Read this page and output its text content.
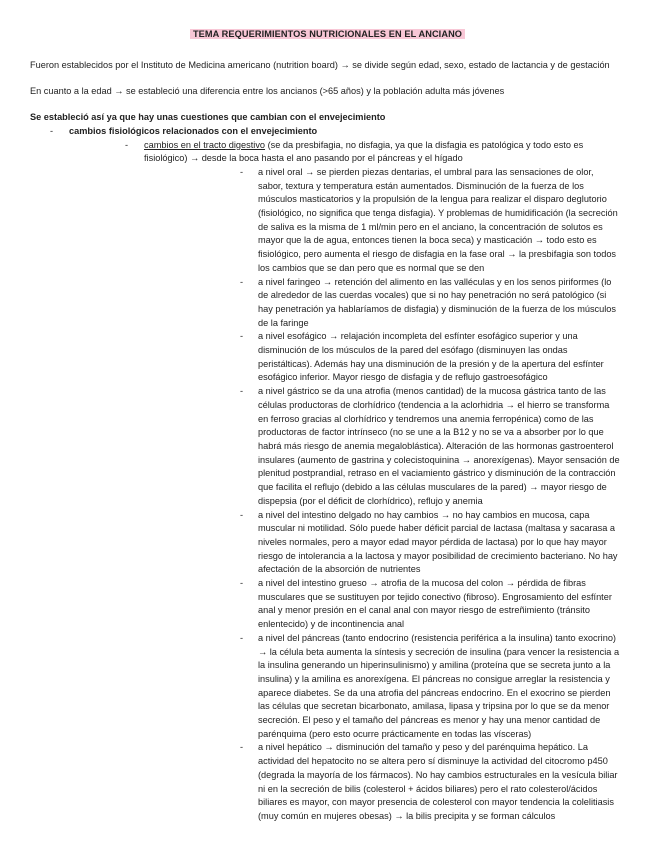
TEMA REQUERIMIENTOS NUTRICIONALES EN EL ANCIANO

Fueron establecidos por el Instituto de Medicina americano (nutrition board) → se divide según edad, sexo, estado de lactancia y de gestación

En cuanto a la edad → se estableció una diferencia entre los ancianos (>65 años) y la población adulta más jóvenes

Se estableció así ya que hay unas cuestiones que cambian con el envejecimiento

- cambios fisiológicos relacionados con el envejecimiento
- cambios en el tracto digestivo (se da presbifagia, no disfagia, ya que la disfagia es patológica y todo esto es fisiológico) → desde la boca hasta el ano pasando por el páncreas y el hígado
- a nivel oral → se pierden piezas dentarias, el umbral para las sensaciones de olor, sabor, textura y temperatura están aumentados. Disminución de la fuerza de los músculos masticatorios y la propulsión de la lengua para realizar el disparo deglutorio (fisiológico, no significa que tenga disfagia). Y problemas de humidificación (la secreción de saliva es la misma de 1 ml/min pero en el anciano, la concentración de solutos es mayor que la de agua, entonces tienen la boca seca) y masticación → todo esto es fisiológico, pero aumenta el riesgo de disfagia en la fase oral → la presbifagia son todos los cambios que se dan pero que es normal que se den
- a nivel faringeo → retención del alimento en las valléculas y en los senos piriformes (lo de alrededor de las cuerdas vocales) que si no hay penetración no será patológico (si hay penetración ya hablaríamos de disfagia) y disminución de la fuerza de los músculos de la faringe
- a nivel esofágico → relajación incompleta del esfínter esofágico superior y una disminución de los músculos de la pared del esófago (disminuyen las ondas peristálticas). Además hay una disminución de la presión y de la apertura del esfínter esofágico inferior. Mayor riesgo de disfagia y de reflujo gastroesofágico
- a nivel gástrico se da una atrofia (menos cantidad) de la mucosa gástrica tanto de las células productoras de clorhídrico (tendencia a la aclorhidria → el hierro se transforma en ferroso gracias al clorhídrico y tendremos una anemia ferropénica) como de las productoras de factor intrínseco (no se une a la B12 y no se va a absorber por lo que habrá más riesgo de anemia megaloblástica). Alteración de las hormonas gastroenterol insulares (aumento de gastrina y colecistoquinina → anorexígenas). Mayor sensación de plenitud postprandial, retraso en el vaciamiento gástrico y disminución de la contracción que facilita el reflujo (debido a las células musculares de la pared) → mayor riesgo de dispepsia (por el déficit de clorhídrico), reflujo y anemia
- a nivel del intestino delgado no hay cambios → no hay cambios en mucosa, capa muscular ni motilidad. Sólo puede haber déficit parcial de lactasa (maltasa y sacarasa a niveles normales, pero a mayor edad mayor pérdida de lactasa) por lo que hay mayor riesgo de intolerancia a la lactosa y mayor posibilidad de crecimiento bacteriano. No hay afectación de la absorción de nutrientes
- a nivel del intestino grueso → atrofia de la mucosa del colon → pérdida de fibras musculares que se sustituyen por tejido conectivo (fibroso). Engrosamiento del esfínter anal y menor presión en el canal anal con mayor riesgo de estreñimiento (tránsito enlentecido) y de incontinencia anal
- a nivel del páncreas (tanto endocrino (resistencia periférica a la insulina) tanto exocrino) → la célula beta aumenta la síntesis y secreción de insulina (para vencer la resistencia a la insulina generando un hiperinsulinismo) y amilina (proteína que se secreta junto a la insulina) y la amilina es anorexígena. El páncreas no consigue arreglar la resistencia y aparece diabetes. Se da una atrofia del páncreas endocrino. En el exocrino se pierden las células que secretan bicarbonato, amilasa, lipasa y tripsina por lo que se da menor secreción. El peso y el tamaño del páncreas es menor y hay una menor cantidad de parénquima (pero esto ocurre prácticamente en todas las vísceras)
- a nivel hepático → disminución del tamaño y peso y del parénquima hepático. La actividad del hepatocito no se altera pero sí disminuye la actividad del citocromo p450 (degrada la mayoría de los fármacos). No hay cambios estructurales en la vesícula biliar ni en la secreción de bilis (colesterol + ácidos biliares) pero el rato colesterol/ácidos biliares es mayor, con mayor presencia de colesterol con mayor tendencia la colelitiasis (muy común en mujeres obesas) → la bilis precipita y se forman cálculos
